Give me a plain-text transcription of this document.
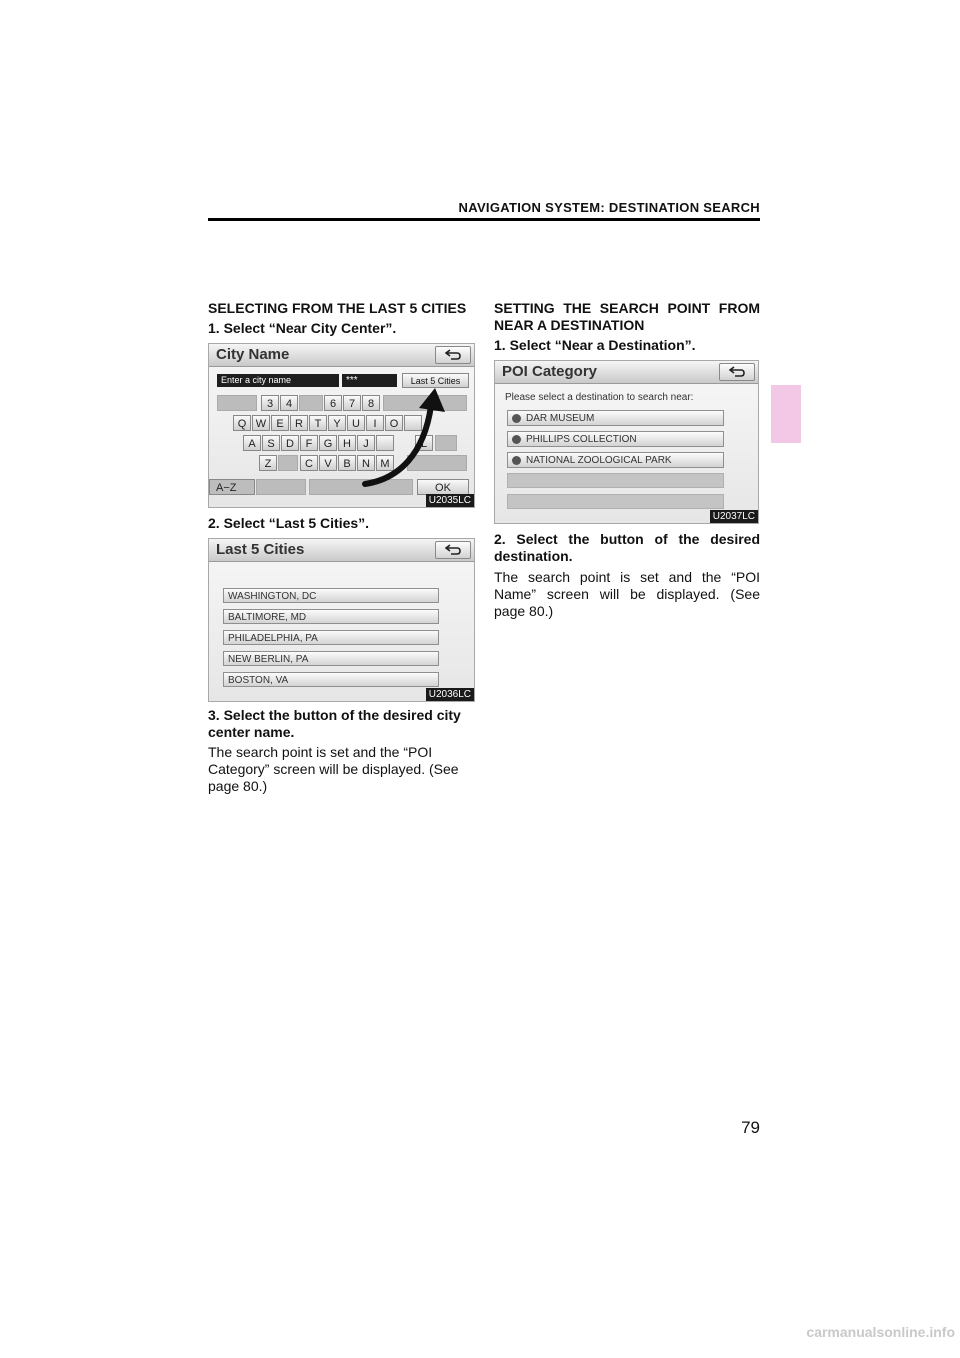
NAVIGATION SYSTEM: DESTINATION SEARCH
SELECTING FROM THE LAST 5 CITIES
1. Select “Near City Center”.
City Name
Enter a city name	***	Last 5 Cities
3	4	6	7	8
Q W E	R	T	Y	U	I	O
A	S	D	F	G H	J	L
Z	C	V	B	N M
A−Z	OK
U2035LC
2. Select “Last 5 Cities”.
Last 5 Cities
WASHINGTON, DC
BALTIMORE, MD
PHILADELPHIA, PA
NEW BERLIN, PA
BOSTON, VA
U2036LC
3. Select the button of the desired city center name.
The search point is set and the “POI Category” screen will be displayed. (See page 80.)
SETTING THE SEARCH POINT FROM NEAR A DESTINATION
1. Select “Near a Destination”.
POI Category
Please select a destination to search near:
DAR MUSEUM
PHILLIPS COLLECTION
NATIONAL ZOOLOGICAL PARK
U2037LC
2. Select the button of the desired destination.
The search point is set and the “POI Name” screen will be displayed. (See page 80.)
79
carmanualsonline.info
